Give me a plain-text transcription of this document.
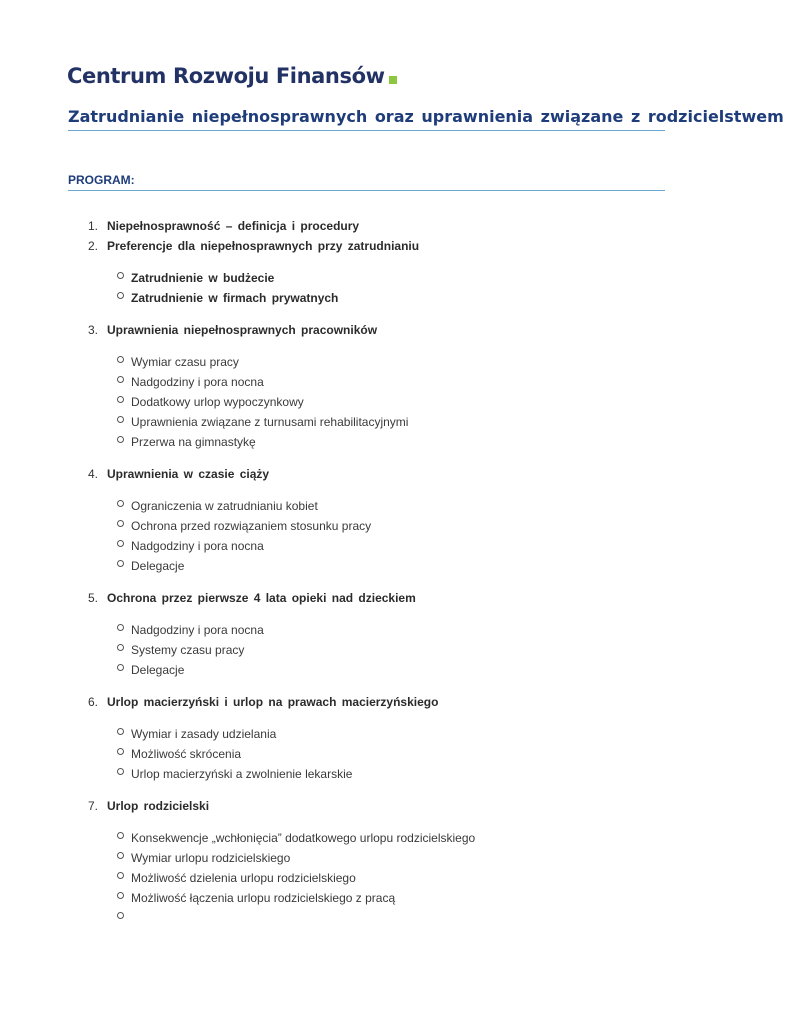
Centrum Rozwoju Finansów
Zatrudnianie niepełnosprawnych oraz uprawnienia związane z rodzicielstwem
PROGRAM:
1. Niepełnosprawność – definicja i procedury
2. Preferencje dla niepełnosprawnych przy zatrudnianiu
Zatrudnienie w budżecie
Zatrudnienie w firmach prywatnych
3. Uprawnienia niepełnosprawnych pracowników
Wymiar czasu pracy
Nadgodziny i pora nocna
Dodatkowy urlop wypoczynkowy
Uprawnienia związane z turnusami rehabilitacyjnymi
Przerwa na gimnastykę
4. Uprawnienia w czasie ciąży
Ograniczenia w zatrudnianiu kobiet
Ochrona przed rozwiązaniem stosunku pracy
Nadgodziny i pora nocna
Delegacje
5. Ochrona przez pierwsze 4 lata opieki nad dzieckiem
Nadgodziny i pora nocna
Systemy czasu pracy
Delegacje
6. Urlop macierzyński i urlop na prawach macierzyńskiego
Wymiar i zasady udzielania
Możliwość skrócenia
Urlop macierzyński a zwolnienie lekarskie
7. Urlop rodzicielski
Konsekwencje „wchłonięcia” dodatkowego urlopu rodzicielskiego
Wymiar urlopu rodzicielskiego
Możliwość dzielenia urlopu rodzicielskiego
Możliwość łączenia urlopu rodzicielskiego z pracą
